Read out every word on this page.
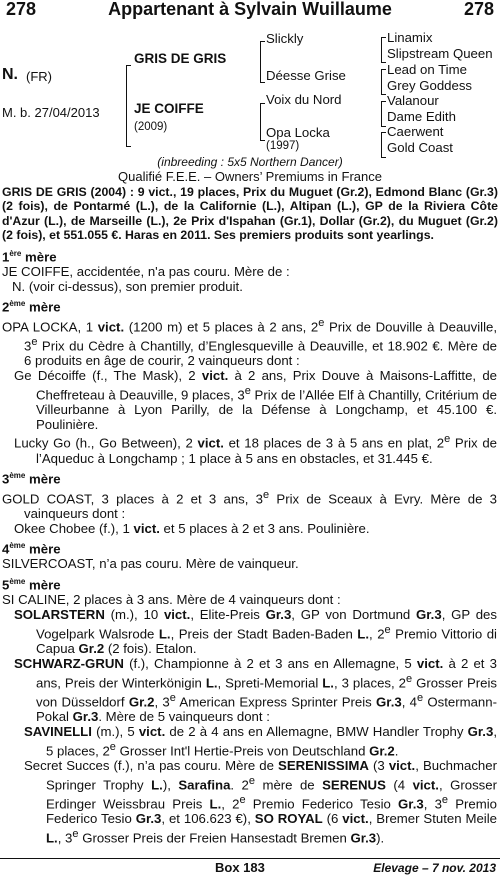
278	Appartenant à Sylvain Wuillaume	278
N. (FR)
M. b. 27/04/2013
GRIS DE GRIS
JE COIFFE
(2009)
Slickly
Déesse Grise
Voix du Nord
Opa Locka
(1997)
Linamix
Slipstream Queen
Lead on Time
Grey Goddess
Valanour
Dame Edith
Caerwent
Gold Coast
(inbreeding : 5x5 Northern Dancer)
Qualifié F.E.E. – Owners’ Premiums in France
GRIS DE GRIS (2004) : 9 vict., 19 places, Prix du Muguet (Gr.2), Edmond Blanc (Gr.3) (2 fois), de Pontarmé (L.), de la Californie (L.), Altipan (L.), GP de la Riviera Côte d'Azur (L.), de Marseille (L.), 2e Prix d'Ispahan (Gr.1), Dollar (Gr.2), du Muguet (Gr.2) (2 fois), et 551.055 €. Haras en 2011. Ses premiers produits sont yearlings.
1ère mère
JE COIFFE, accidentée, n'a pas couru. Mère de :
N. (voir ci-dessus), son premier produit.
2ème mère
OPA LOCKA, 1 vict. (1200 m) et 5 places à 2 ans, 2e Prix de Douville à Deauville, 3e Prix du Cèdre à Chantilly, d’Englesqueville à Deauville, et 18.902 €. Mère de 6 produits en âge de courir, 2 vainqueurs dont :
Ge Décoiffe (f., The Mask), 2 vict. à 2 ans, Prix Douve à Maisons-Laffitte, de Cheffreteau à Deauville, 9 places, 3e Prix de l’Allée Elf à Chantilly, Critérium de Villeurbanne à Lyon Parilly, de la Défense à Longchamp, et 45.100 €. Poulinière.
Lucky Go (h., Go Between), 2 vict. et 18 places de 3 à 5 ans en plat, 2e Prix de l’Aqueduc à Longchamp ; 1 place à 5 ans en obstacles, et 31.445 €.
3ème mère
GOLD COAST, 3 places à 2 et 3 ans, 3e Prix de Sceaux à Evry. Mère de 3 vainqueurs dont :
Okee Chobee (f.), 1 vict. et 5 places à 2 et 3 ans. Poulinière.
4ème mère
SILVERCOAST, n’a pas couru. Mère de vainqueur.
5ème mère
SI CALINE, 2 places à 3 ans. Mère de 4 vainqueurs dont :
SOLARSTERN (m.), 10 vict., Elite-Preis Gr.3, GP von Dortmund Gr.3, GP des Vogelpark Walsrode L., Preis der Stadt Baden-Baden L., 2e Premio Vittorio di Capua Gr.2 (2 fois). Etalon.
SCHWARZ-GRUN (f.), Championne à 2 et 3 ans en Allemagne, 5 vict. à 2 et 3 ans, Preis der Winterkönigin L., Spreti-Memorial L., 3 places, 2e Grosser Preis von Düsseldorf Gr.2, 3e American Express Sprinter Preis Gr.3, 4e Ostermann-Pokal Gr.3. Mère de 5 vainqueurs dont :
SAVINELLI (m.), 5 vict. de 2 à 4 ans en Allemagne, BMW Handler Trophy Gr.3, 5 places, 2e Grosser Int'l Hertie-Preis von Deutschland Gr.2.
Secret Succes (f.), n’a pas couru. Mère de SERENISSIMA (3 vict., Buchmacher Springer Trophy L.), Sarafina. 2e mère de SERENUS (4 vict., Grosser Erdinger Weissbrau Preis L., 2e Premio Federico Tesio Gr.3, 3e Premio Federico Tesio Gr.3, et 106.623 €), SO ROYAL (6 vict., Bremer Stuten Meile L., 3e Grosser Preis der Freien Hansestadt Bremen Gr.3).
Box 183	Elevage – 7 nov. 2013
